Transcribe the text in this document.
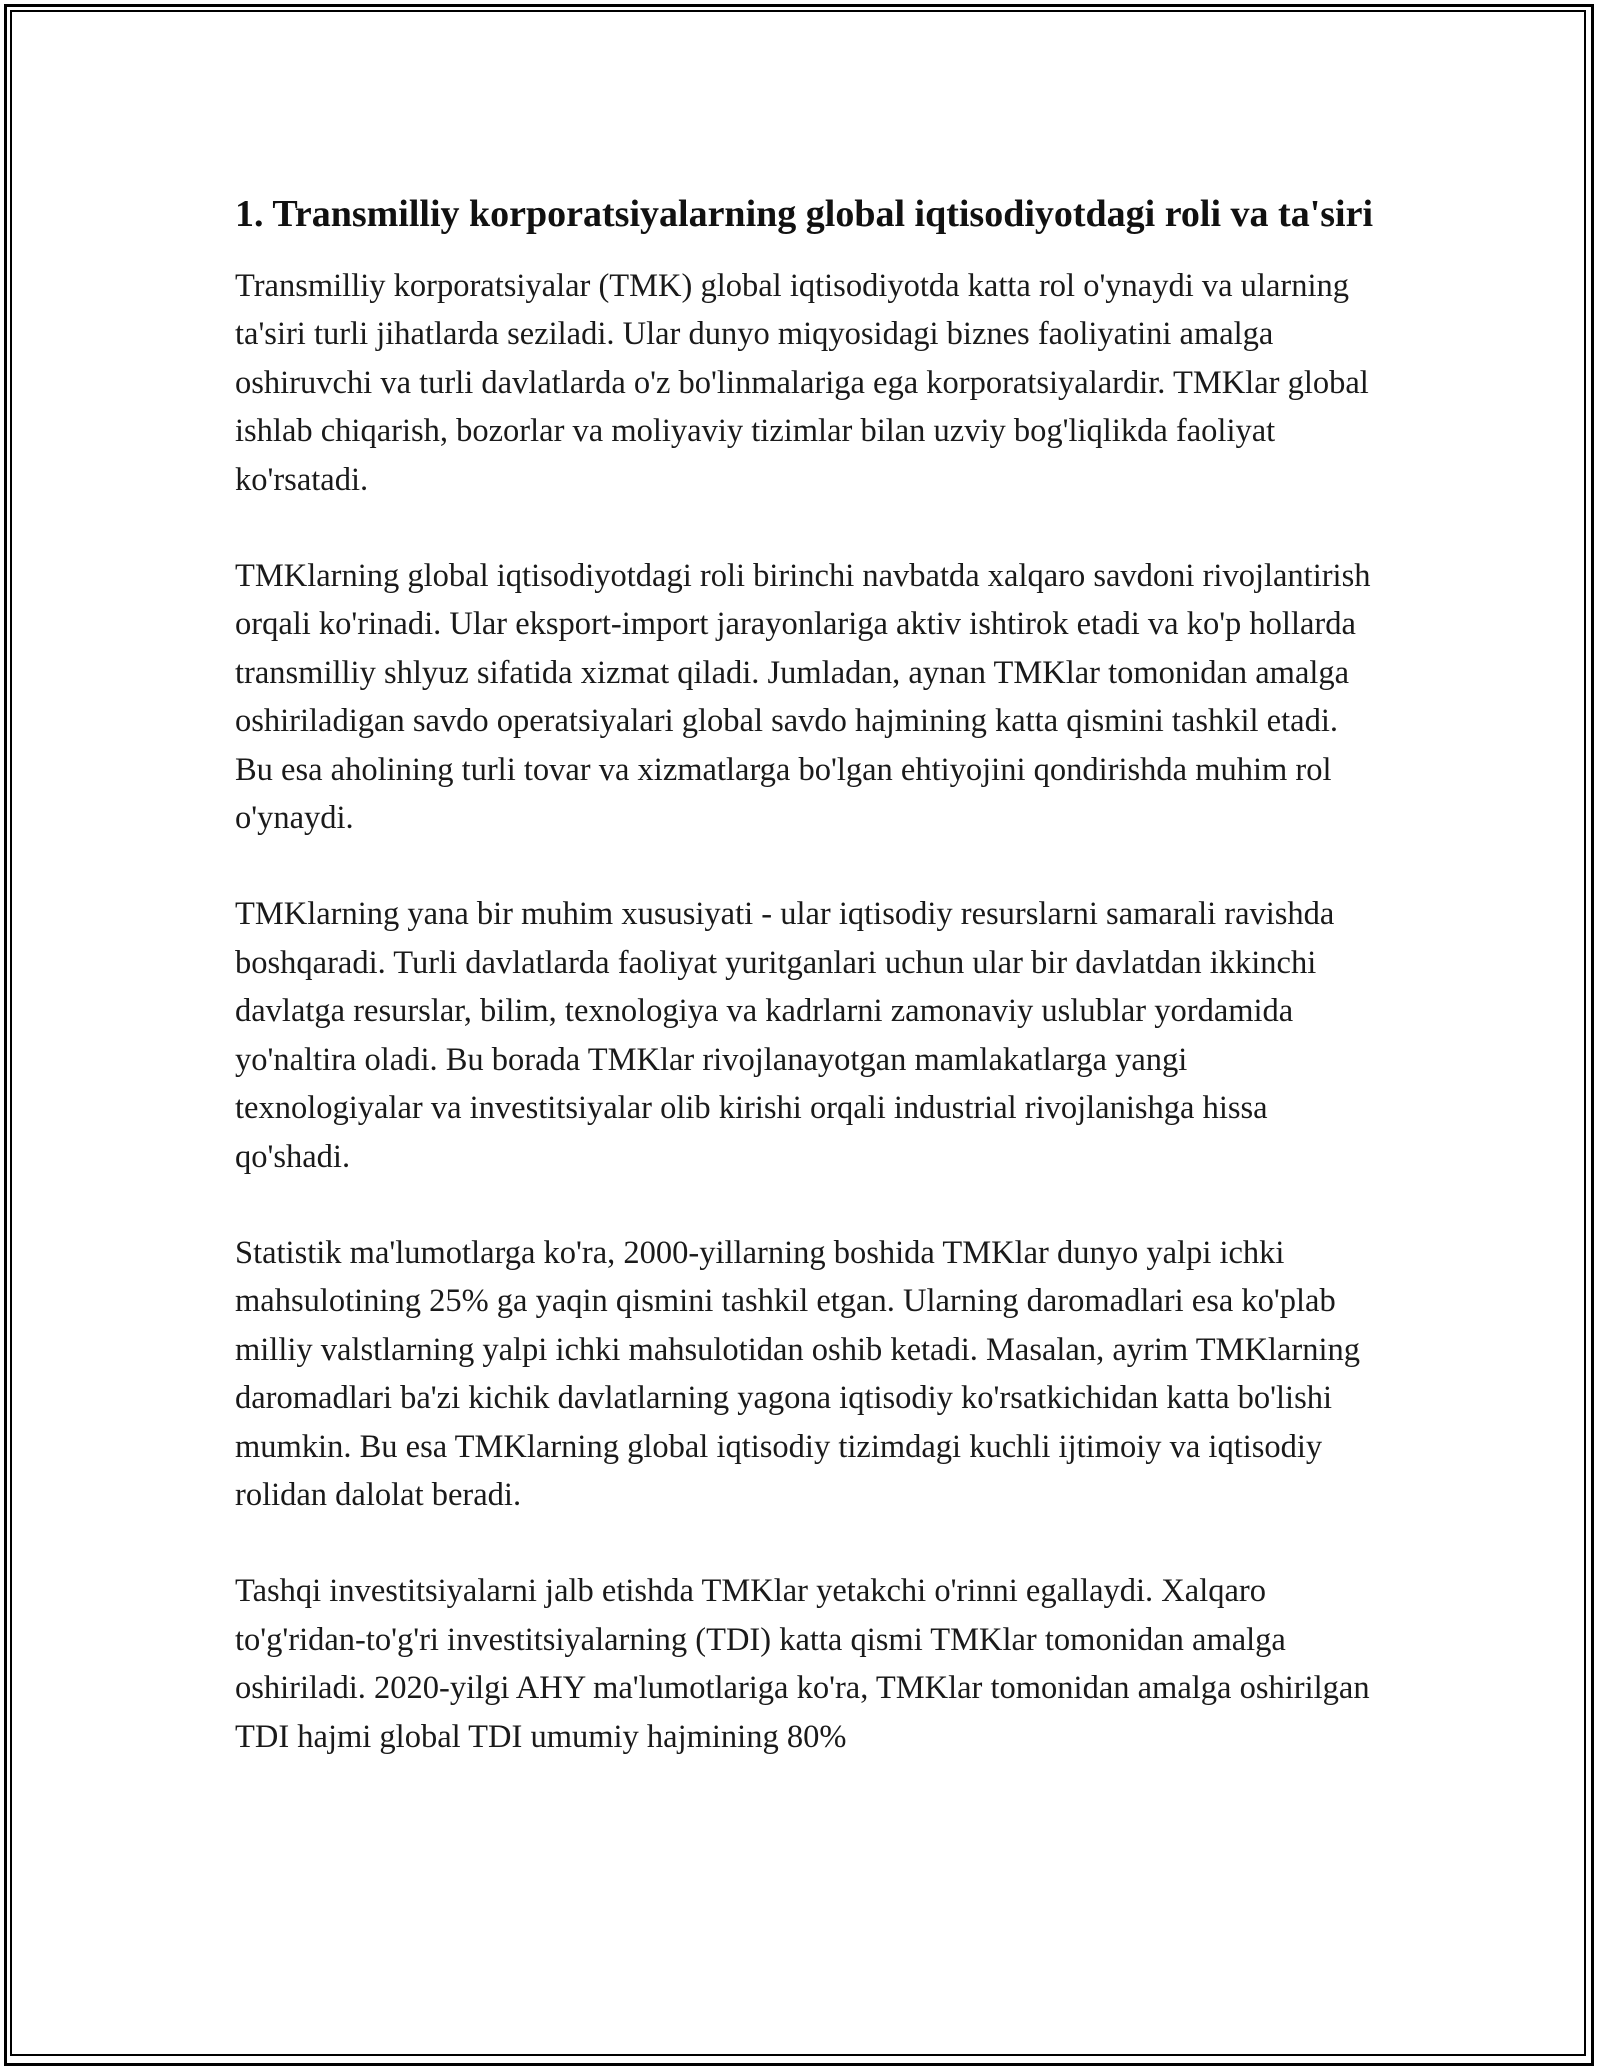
1. Transmilliy korporatsiyalarning global iqtisodiyotdagi roli va ta'siri

Transmilliy korporatsiyalar (TMK) global iqtisodiyotda katta rol o'ynaydi va ularning ta'siri turli jihatlarda seziladi. Ular dunyo miqyosidagi biznes faoliyatini amalga oshiruvchi va turli davlatlarda o'z bo'linmalariga ega korporatsiyalardir. TMKlar global ishlab chiqarish, bozorlar va moliyaviy tizimlar bilan uzviy bog'liqlikda faoliyat ko'rsatadi.

TMKlarning global iqtisodiyotdagi roli birinchi navbatda xalqaro savdoni rivojlantirish orqali ko'rinadi. Ular eksport-import jarayonlariga aktiv ishtirok etadi va ko'p hollarda transmilliy shlyuz sifatida xizmat qiladi. Jumladan, aynan TMKlar tomonidan amalga oshiriladigan savdo operatsiyalari global savdo hajmining katta qismini tashkil etadi. Bu esa aholining turli tovar va xizmatlarga bo'lgan ehtiyojini qondirishda muhim rol o'ynaydi.

TMKlarning yana bir muhim xususiyati - ular iqtisodiy resurslarni samarali ravishda boshqaradi. Turli davlatlarda faoliyat yuritganlari uchun ular bir davlatdan ikkinchi davlatga resurslar, bilim, texnologiya va kadrlarni zamonaviy uslublar yordamida yo'naltira oladi. Bu borada TMKlar rivojlanayotgan mamlakatlarga yangi texnologiyalar va investitsiyalar olib kirishi orqali industrial rivojlanishga hissa qo'shadi.

Statistik ma'lumotlarga ko'ra, 2000-yillarning boshida TMKlar dunyo yalpi ichki mahsulotining 25% ga yaqin qismini tashkil etgan. Ularning daromadlari esa ko'plab milliy valstlarning yalpi ichki mahsulotidan oshib ketadi. Masalan, ayrim TMKlarning daromadlari ba'zi kichik davlatlarning yagona iqtisodiy ko'rsatkichidan katta bo'lishi mumkin. Bu esa TMKlarning global iqtisodiy tizimdagi kuchli ijtimoiy va iqtisodiy rolidan dalolat beradi.

Tashqi investitsiyalarni jalb etishda TMKlar yetakchi o'rinni egallaydi. Xalqaro to'g'ridan-to'g'ri investitsiyalarning (TDI) katta qismi TMKlar tomonidan amalga oshiriladi. 2020-yilgi AHY ma'lumotlariga ko'ra, TMKlar tomonidan amalga oshirilgan TDI hajmi global TDI umumiy hajmining 80%
